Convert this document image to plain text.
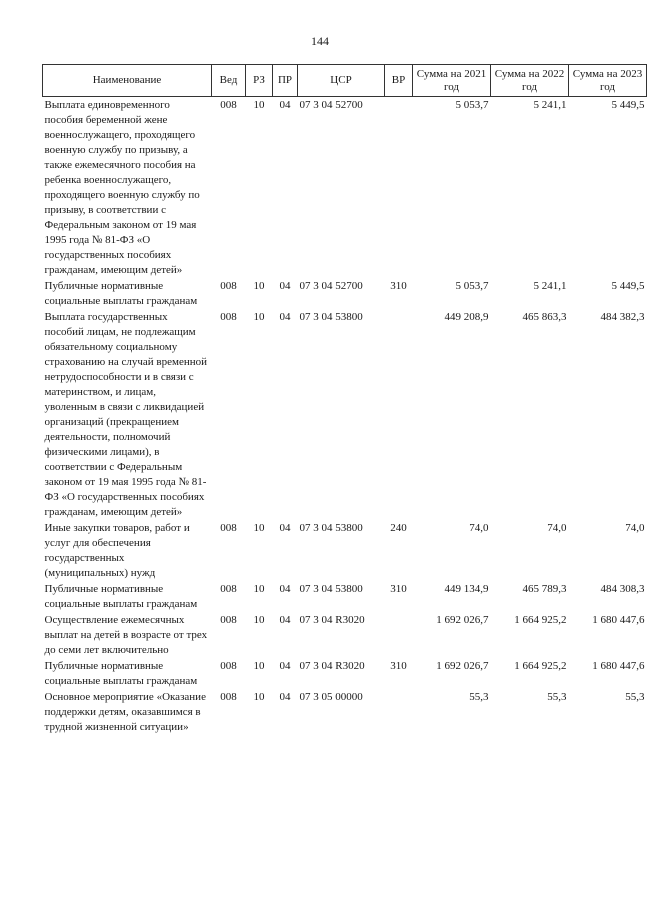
144
Наименование	Вед	РЗ	ПР	ЦСР	ВР	Сумма на 2021 год	Сумма на 2022 год	Сумма на 2023 год
Выплата единовременного пособия беременной жене военнослужащего, проходящего военную службу по призыву, а также ежемесячного пособия на ребенка военнослужащего, проходящего военную службу по призыву, в соответствии с Федеральным законом от 19 мая 1995 года № 81-ФЗ «О государственных пособиях гражданам, имеющим детей»	008	10	04	07 3 04 52700		5 053,7	5 241,1	5 449,5
Публичные нормативные социальные выплаты гражданам	008	10	04	07 3 04 52700	310	5 053,7	5 241,1	5 449,5
Выплата государственных пособий лицам, не подлежащим обязательному социальному страхованию на случай временной нетрудоспособности и в связи с материнством, и лицам, уволенным в связи с ликвидацией организаций (прекращением деятельности, полномочий физическими лицами), в соответствии с Федеральным законом от 19 мая 1995 года № 81-ФЗ «О государственных пособиях гражданам, имеющим детей»	008	10	04	07 3 04 53800		449 208,9	465 863,3	484 382,3
Иные закупки товаров, работ и услуг для обеспечения государственных (муниципальных) нужд	008	10	04	07 3 04 53800	240	74,0	74,0	74,0
Публичные нормативные социальные выплаты гражданам	008	10	04	07 3 04 53800	310	449 134,9	465 789,3	484 308,3
Осуществление ежемесячных выплат на детей в возрасте от трех до семи лет включительно	008	10	04	07 3 04 R3020		1 692 026,7	1 664 925,2	1 680 447,6
Публичные нормативные социальные выплаты гражданам	008	10	04	07 3 04 R3020	310	1 692 026,7	1 664 925,2	1 680 447,6
Основное мероприятие «Оказание поддержки детям, оказавшимся в трудной жизненной ситуации»	008	10	04	07 3 05 00000		55,3	55,3	55,3
